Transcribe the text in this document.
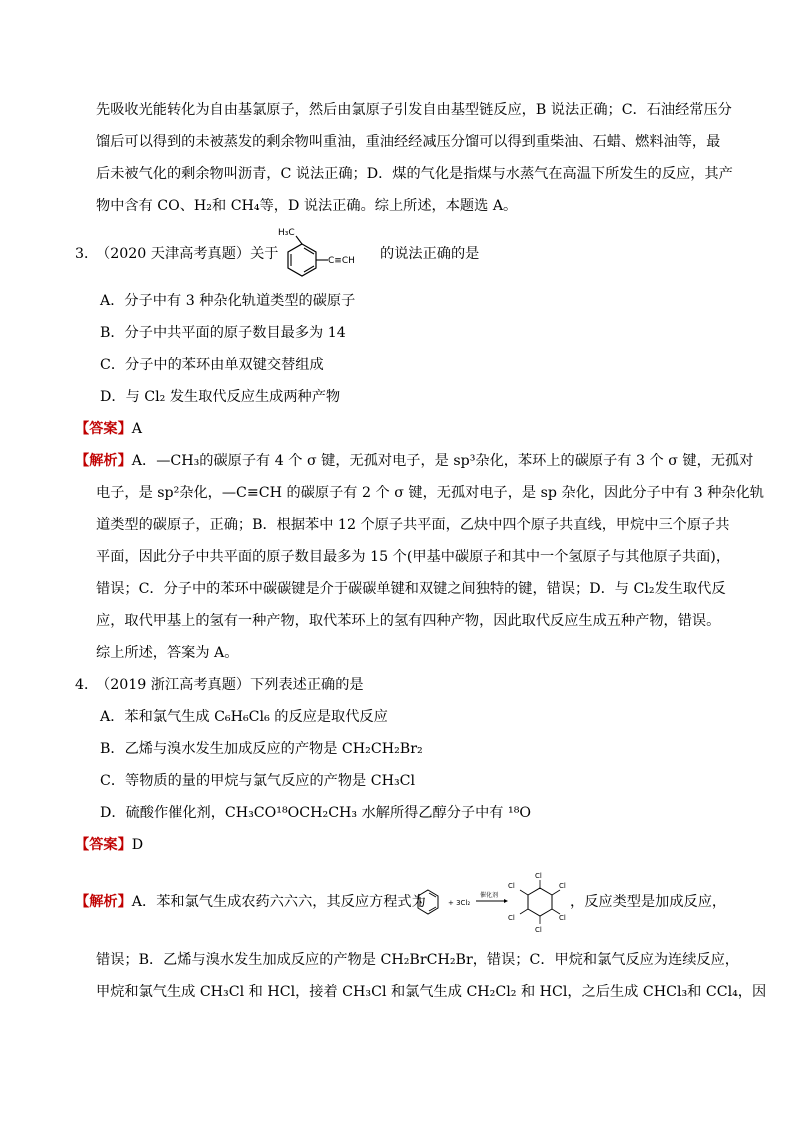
先吸收光能转化为自由基氯原子，然后由氯原子引发自由基型链反应，B 说法正确；C．石油经常压分
馏后可以得到的未被蒸发的剩余物叫重油，重油经经减压分馏可以得到重柴油、石蜡、燃料油等，最
后未被气化的剩余物叫沥青，C 说法正确；D．煤的气化是指煤与水蒸气在高温下所发生的反应，其产
物中含有 CO、H₂和 CH₄等，D 说法正确。综上所述，本题选 A。
3．
（2020 天津高考真题）关于
H₃C
C≡CH 的说法正确的是
A．分子中有 3 种杂化轨道类型的碳原子
B．分子中共平面的原子数目最多为 14
C．分子中的苯环由单双键交替组成
D．与 Cl₂ 发生取代反应生成两种产物
【答案】A
【解析】A．—CH₃的碳原子有 4 个 σ 键，无孤对电子，是 sp³杂化，苯环上的碳原子有 3 个 σ 键，无孤对
电子，是 sp²杂化，—C≡CH 的碳原子有 2 个 σ 键，无孤对电子，是 sp 杂化，因此分子中有 3 种杂化轨
道类型的碳原子，正确；B．根据苯中 12 个原子共平面，乙炔中四个原子共直线，甲烷中三个原子共
平面，因此分子中共平面的原子数目最多为 15 个(甲基中碳原子和其中一个氢原子与其他原子共面)，
错误；C．分子中的苯环中碳碳键是介于碳碳单键和双键之间独特的键，错误；D．与 Cl₂发生取代反
应，取代甲基上的氢有一种产物，取代苯环上的氢有四种产物，因此取代反应生成五种产物，错误。
综上所述，答案为 A。
4．
（2019 浙江高考真题）下列表述正确的是
A．苯和氯气生成 C₆H₆Cl₆ 的反应是取代反应
B．乙烯与溴水发生加成反应的产物是 CH₂CH₂Br₂
C．等物质的量的甲烷与氯气反应的产物是 CH₃Cl
D．硫酸作催化剂，CH₃CO¹⁸OCH₂CH₃ 水解所得乙醇分子中有 ¹⁸O
【答案】D
【解析】A．苯和氯气生成农药六六六，其反应方程式为	+ 3Cl₂
催化剂
Cl
Cl
Cl
Cl
Cl
Cl
，反应类型是加成反应，
错误；B．乙烯与溴水发生加成反应的产物是 CH₂BrCH₂Br，错误；C．甲烷和氯气反应为连续反应，
甲烷和氯气生成 CH₃Cl 和 HCl，接着 CH₃Cl 和氯气生成 CH₂Cl₂ 和 HCl，之后生成 CHCl₃和 CCl₄，因
